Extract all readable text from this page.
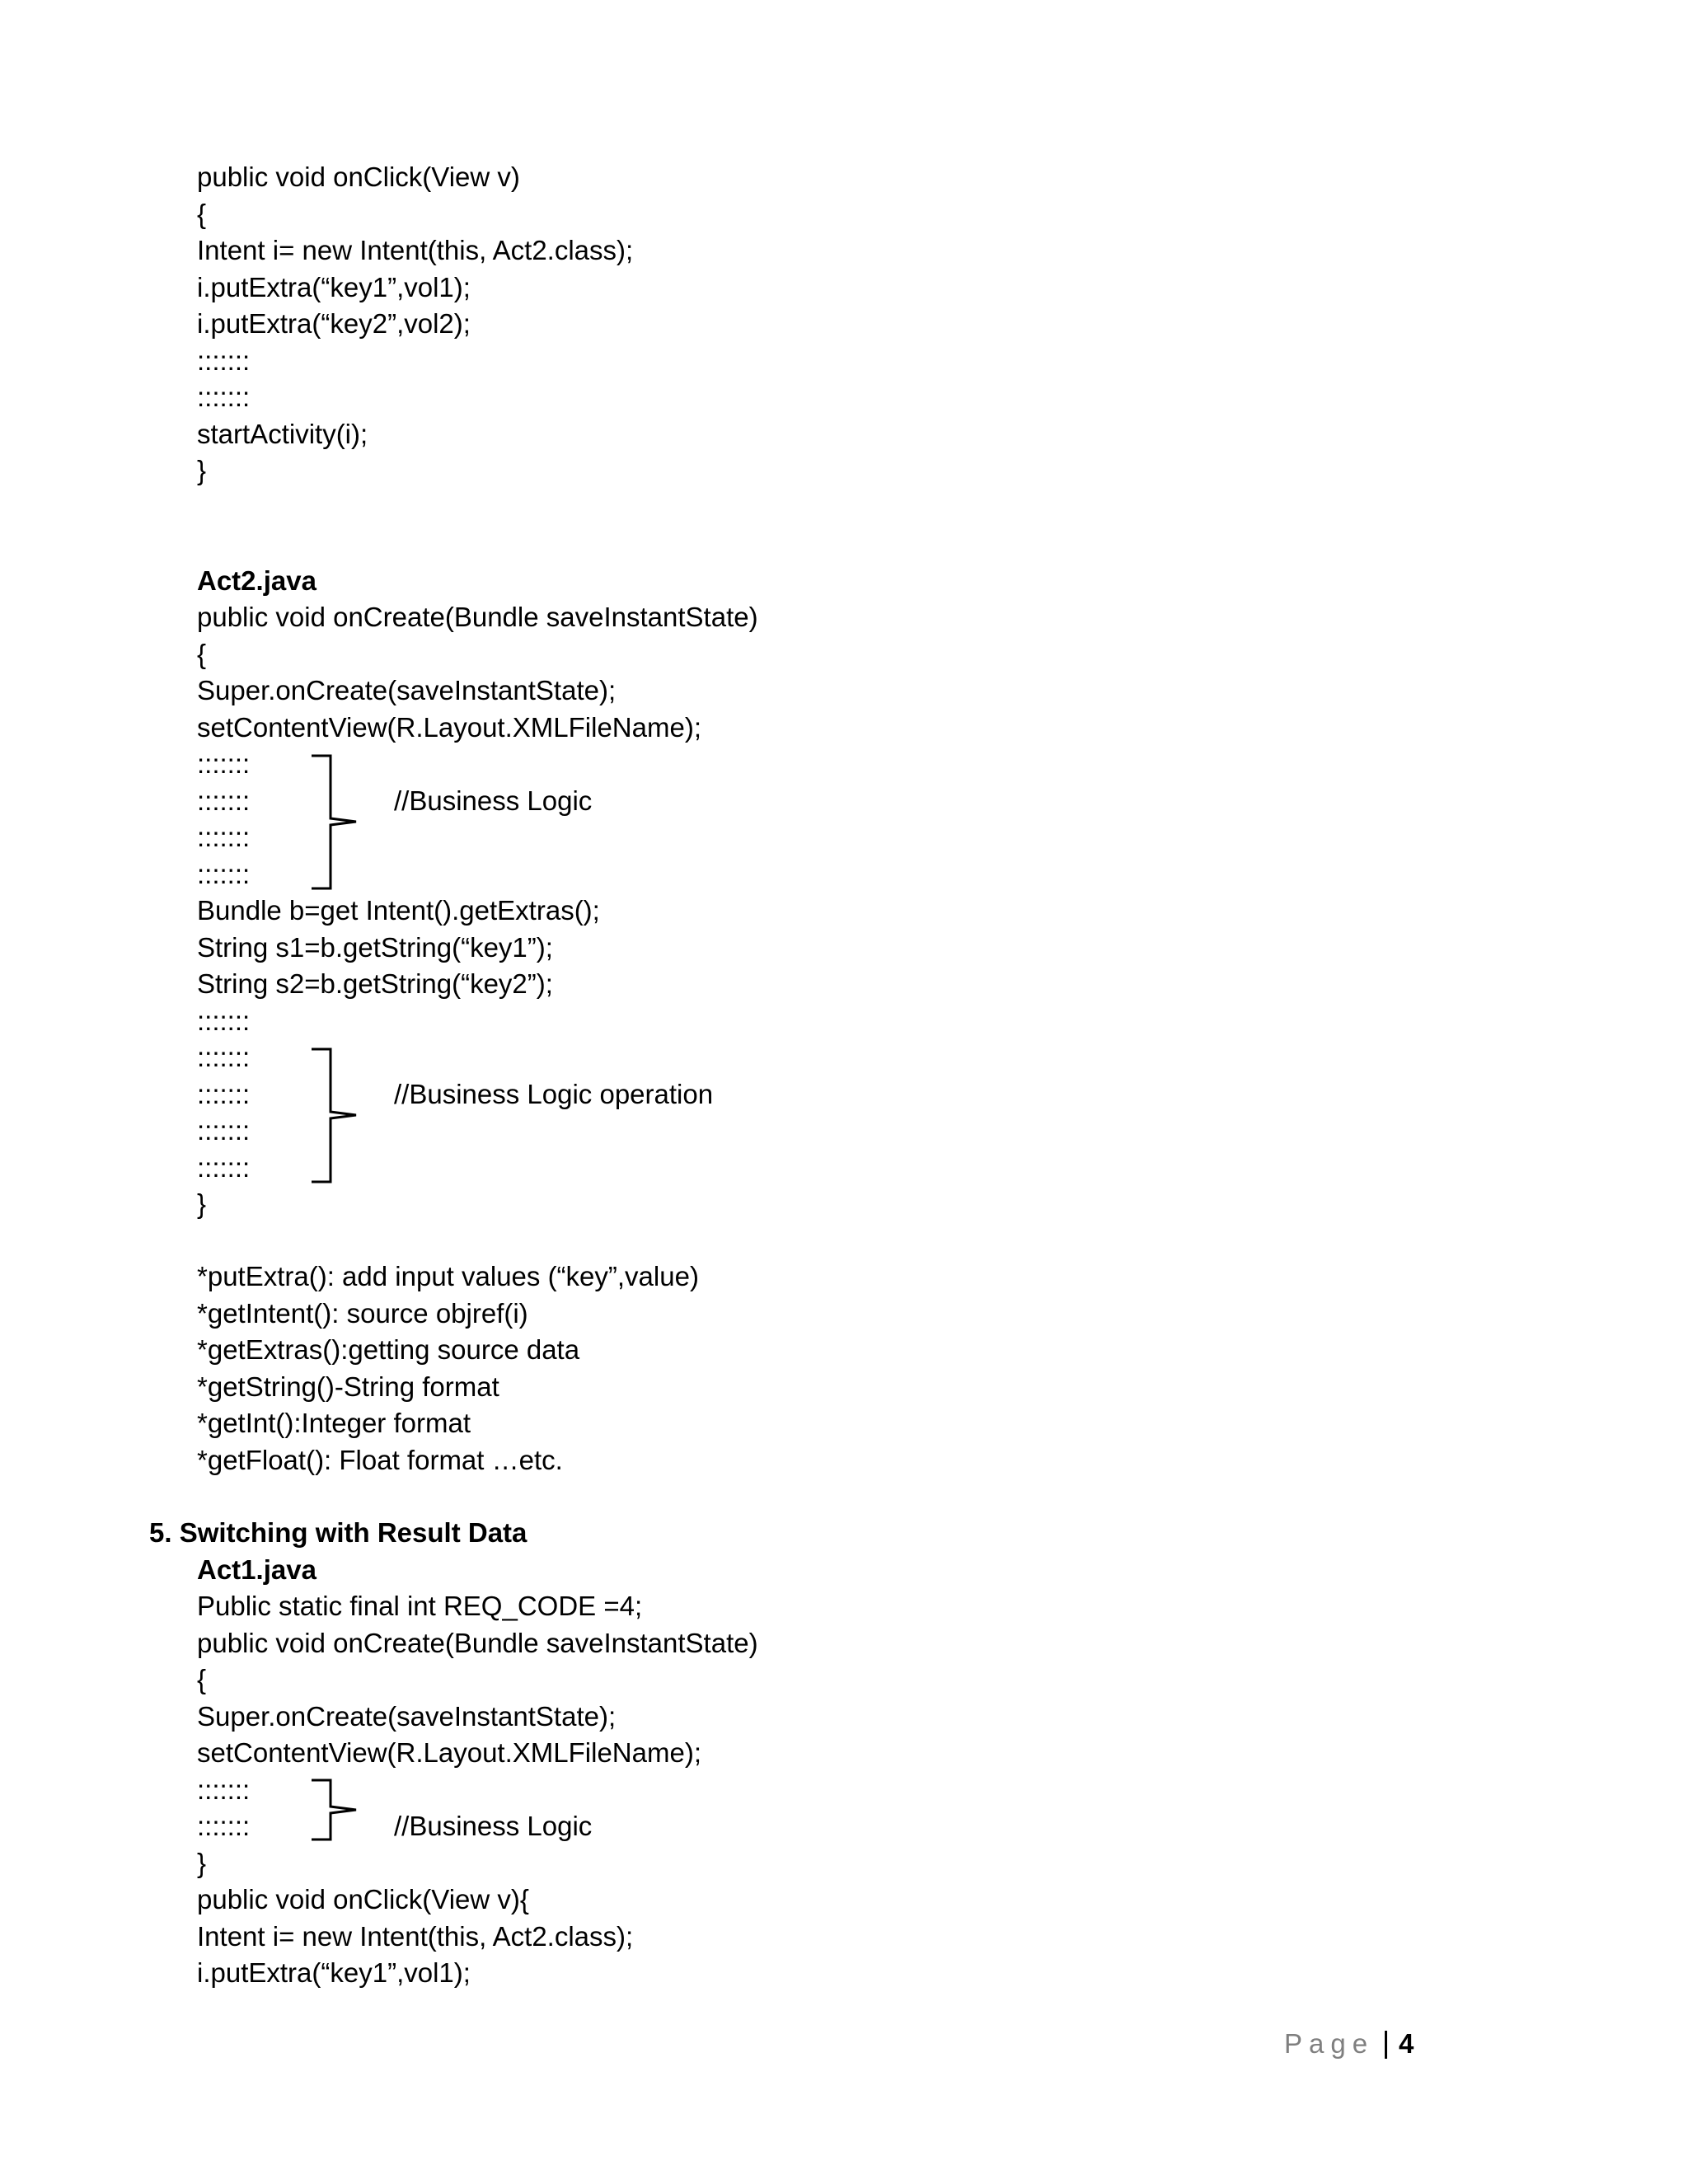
public void onClick(View v)
{
Intent i= new Intent(this, Act2.class);
i.putExtra(“key1”,vol1);
i.putExtra(“key2”,vol2);
:::::::
:::::::
startActivity(i);
}
Act2.java
public void onCreate(Bundle saveInstantState)
{
Super.onCreate(saveInstantState);
setContentView(R.Layout.XMLFileName);
:::::::
:::::::
:::::::
:::::::
//Business Logic
Bundle b=get Intent().getExtras();
String s1=b.getString(“key1”);
String s2=b.getString(“key2”);
:::::::
:::::::
:::::::
:::::::
:::::::
}
//Business Logic operation
*putExtra(): add input values (“key”,value)
*getIntent(): source objref(i)
*getExtras():getting source data
*getString()-String format
*getInt():Integer format
*getFloat(): Float format …etc.
5. Switching with Result Data
Act1.java
Public static final int REQ_CODE =4;
public void onCreate(Bundle saveInstantState)
{
Super.onCreate(saveInstantState);
setContentView(R.Layout.XMLFileName);
:::::::
:::::::	//Business Logic
}
public void onClick(View v){
Intent i= new Intent(this, Act2.class);
i.putExtra(“key1”,vol1);
Page 4
